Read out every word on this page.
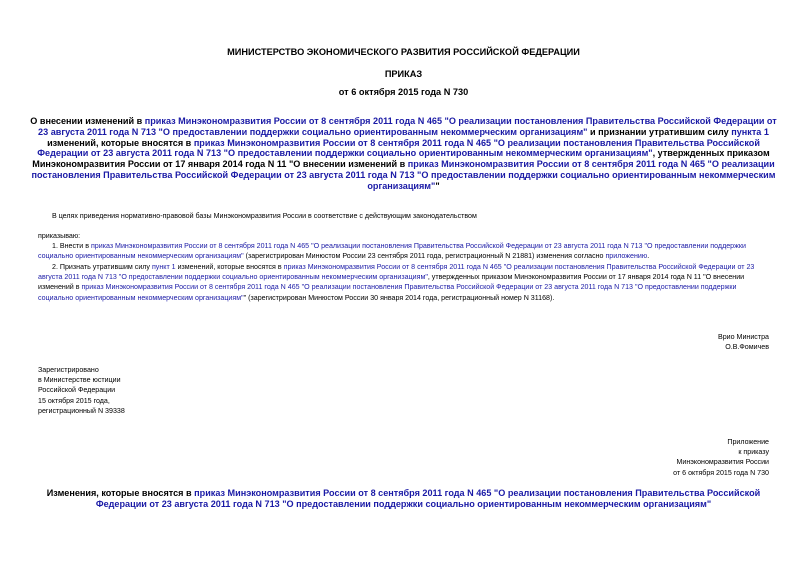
МИНИСТЕРСТВО ЭКОНОМИЧЕСКОГО РАЗВИТИЯ РОССИЙСКОЙ ФЕДЕРАЦИИ
ПРИКАЗ
от 6 октября 2015 года N 730
О внесении изменений в приказ Минэкономразвития России от 8 сентября 2011 года N 465 "О реализации постановления Правительства Российской Федерации от 23 августа 2011 года N 713 "О предоставлении поддержки социально ориентированным некоммерческим организациям" и признании утратившим силу пункта 1 изменений, которые вносятся в приказ Минэкономразвития России от 8 сентября 2011 года N 465 "О реализации постановления Правительства Российской Федерации от 23 августа 2011 года N 713 "О предоставлении поддержки социально ориентированным некоммерческим организациям", утвержденных приказом Минэкономразвития России от 17 января 2014 года N 11 "О внесении изменений в приказ Минэкономразвития России от 8 сентября 2011 года N 465 "О реализации постановления Правительства Российской Федерации от 23 августа 2011 года N 713 "О предоставлении поддержки социально ориентированным некоммерческим организациям""
В целях приведения нормативно-правовой базы Минэкономразвития России в соответствие с действующим законодательством
приказываю:
1. Внести в приказ Минэкономразвития России от 8 сентября 2011 года N 465 "О реализации постановления Правительства Российской Федерации от 23 августа 2011 года N 713 "О предоставлении поддержки социально ориентированным некоммерческим организациям" (зарегистрирован Минюстом России 23 сентября 2011 года, регистрационный N 21881) изменения согласно приложению.
2. Признать утратившим силу пункт 1 изменений, которые вносятся в приказ Минэкономразвития России от 8 сентября 2011 года N 465 "О реализации постановления Правительства Российской Федерации от 23 августа 2011 года N 713 "О предоставлении поддержки социально ориентированным некоммерческим организациям", утвержденных приказом Минэкономразвития России от 17 января 2014 года N 11 "О внесении изменений в приказ Минэкономразвития России от 8 сентября 2011 года N 465 "О реализации постановления Правительства Российской Федерации от 23 августа 2011 года N 713 "О предоставлении поддержки социально ориентированным некоммерческим организациям"" (зарегистрирован Минюстом России 30 января 2014 года, регистрационный номер N 31168).
Врио Министра
О.В.Фомичев
Зарегистрировано
в Министерстве юстиции
Российской Федерации
15 октября 2015 года,
регистрационный N 39338
Приложение
к приказу
Минэкономразвития России
от 6 октября 2015 года N 730
Изменения, которые вносятся в приказ Минэкономразвития России от 8 сентября 2011 года N 465 "О реализации постановления Правительства Российской Федерации от 23 августа 2011 года N 713 "О предоставлении поддержки социально ориентированным некоммерческим организациям"
